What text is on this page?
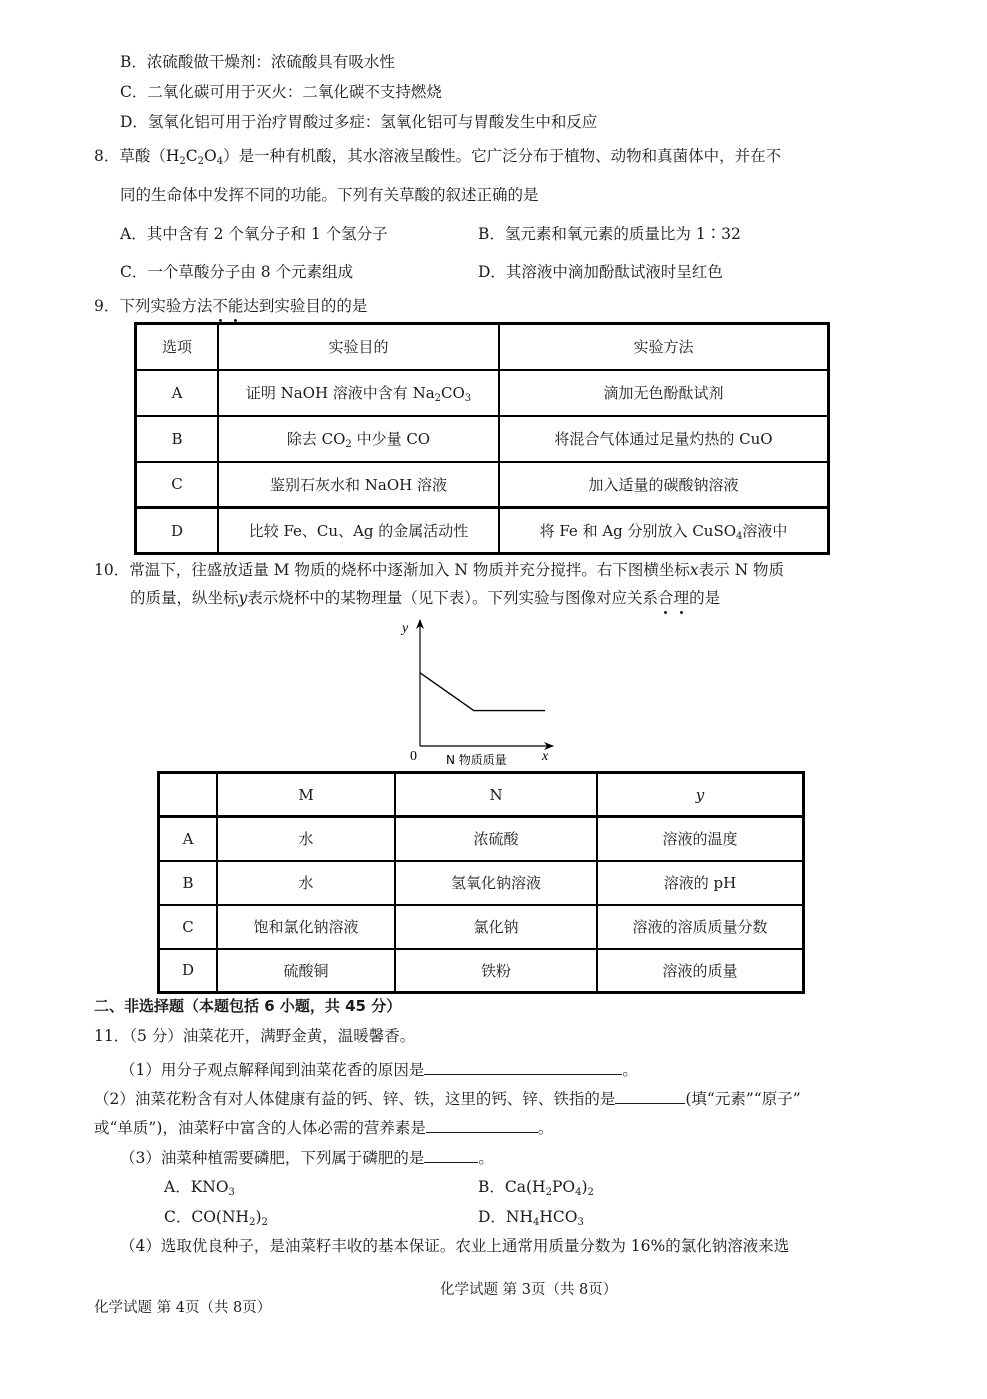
B．浓硫酸做干燥剂：浓硫酸具有吸水性
C．二氧化碳可用于灭火：二氧化碳不支持燃烧
D．氢氧化铝可用于治疗胃酸过多症：氢氧化铝可与胃酸发生中和反应
8．草酸$(H_2C_2O_4)$是一种有机酸，其水溶液呈酸性。它广泛分布于植物、动物和真菌体中，并在不
同的生命体中发挥不同的功能。下列有关草酸的叙述正确的是
A．其中含有 2 个氧分子和 1 个氢分子	B．氢元素和氧元素的质量比为 1∶32
C．一个草酸分子由 8 个元素组成	D．其溶液中滴加酚酞试液时呈红色
9．下列实验方法不能达到实验目的的是
选项	实验目的	实验方法
A	证明 NaOH 溶液中含有 $Na_2CO_3$	滴加无色酚酞试剂
B	除去 $CO_2$ 中少量 CO	将混合气体通过足量灼热的 CuO
C	鉴别石灰水和 NaOH 溶液	加入适量的碳酸钠溶液
D	比较 Fe、Cu、Ag 的金属活动性	将 Fe 和 Ag 分别放入 CuSO$_4$溶液中
10．常温下，往盛放适量 M 物质的烧杯中逐渐加入 N 物质并充分搅拌。右下图横坐标x表示 N 物质
的质量，纵坐标y表示烧杯中的某物理量（见下表）。下列实验与图像对应关系合理的是
y
0 N 物质质量	x
	M	N	y
A	水	浓硫酸	溶液的温度
B	水	氢氧化钠溶液	溶液的 pH
C	饱和氯化钠溶液	氯化钠	溶液的溶质质量分数
D	硫酸铜	铁粉	溶液的质量
二、非选择题（本题包括 6 小题，共 45 分）
11．（5 分）油菜花开，满野金黄，温暖馨香。
（1）用分子观点解释闻到油菜花香的原因是	。
（2）油菜花粉含有对人体健康有益的钙、锌、铁，这里的钙、锌、铁指的是	(填“元素”“原子”
或“单质”)，油菜籽中富含的人体必需的营养素是	。
（3）油菜种植需要磷肥，下列属于磷肥的是	。
A．$KNO_3$	B．$Ca(H_2PO_4)_2$
C．$CO(NH_2)_2$	D．$NH_4HCO_3$
（4）选取优良种子，是油菜籽丰收的基本保证。农业上通常用质量分数为 16%的氯化钠溶液来选
化学试题 第 3页（共 8页）
化学试题 第 4页（共 8页）
